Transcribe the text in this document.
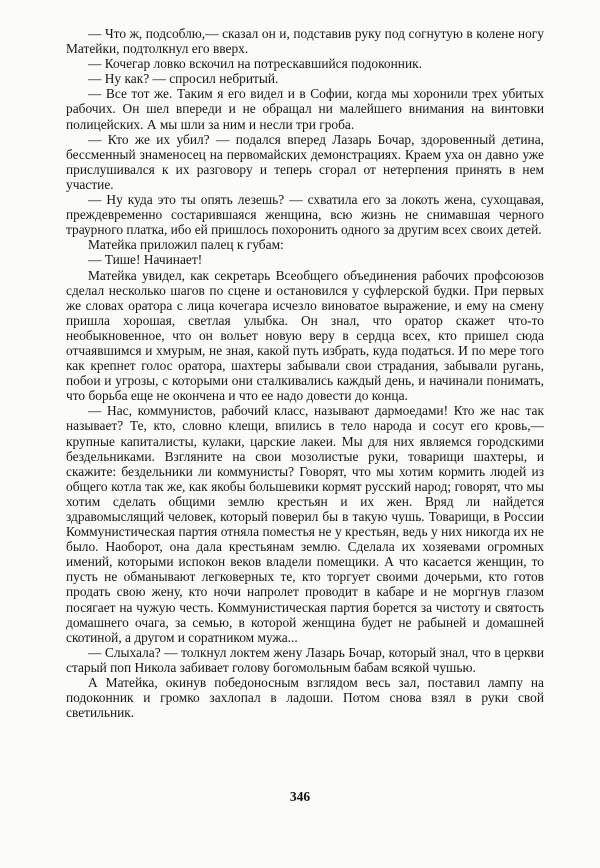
— Что ж, подсоблю,— сказал он и, подставив руку под согнутую в колене ногу Матейки, подтолкнул его вверх.

— Кочегар ловко вскочил на потрескавшийся подоконник.

— Ну как? — спросил небритый.

— Все тот же. Таким я его видел и в Софии, когда мы хоронили трех убитых рабочих. Он шел впереди и не обращал ни малейшего внимания на винтовки полицейских. А мы шли за ним и несли три гроба.

— Кто же их убил? — подался вперед Лазарь Бочар, здоровенный детина, бессменный знаменосец на первомайских демонстрациях. Краем уха он давно уже прислушивался к их разговору и теперь сгорал от нетерпения принять в нем участие.

— Ну куда это ты опять лезешь? — схватила его за локоть жена, сухощавая, преждевременно состарившаяся женщина, всю жизнь не снимавшая черного траурного платка, ибо ей пришлось похоронить одного за другим всех своих детей.

Матейка приложил палец к губам:

— Тише! Начинает!

Матейка увидел, как секретарь Всеобщего объединения рабочих профсоюзов сделал несколько шагов по сцене и остановился у суфлерской будки. При первых же словах оратора с лица кочегара исчезло виноватое выражение, и ему на смену пришла хорошая, светлая улыбка. Он знал, что оратор скажет что-то необыкновенное, что он вольет новую веру в сердца всех, кто пришел сюда отчаявшимся и хмурым, не зная, какой путь избрать, куда податься. И по мере того как крепнет голос оратора, шахтеры забывали свои страдания, забывали ругань, побои и угрозы, с которыми они сталкивались каждый день, и начинали понимать, что борьба еще не окончена и что ее надо довести до конца.

— Нас, коммунистов, рабочий класс, называют дармоедами! Кто же нас так называет? Те, кто, словно клещи, впились в тело народа и сосут его кровь,— крупные капиталисты, кулаки, царские лакеи. Мы для них являемся городскими бездельниками. Взгляните на свои мозолистые руки, товарищи шахтеры, и скажите: бездельники ли коммунисты? Говорят, что мы хотим кормить людей из общего котла так же, как якобы большевики кормят русский народ; говорят, что мы хотим сделать общими землю крестьян и их жен. Вряд ли найдется здравомыслящий человек, который поверил бы в такую чушь. Товарищи, в России Коммунистическая партия отняла поместья не у крестьян, ведь у них никогда их не было. Наоборот, она дала крестьянам землю. Сделала их хозяевами огромных имений, которыми испокон веков владели помещики. А что касается женщин, то пусть не обманывают легковерных те, кто торгует своими дочерьми, кто готов продать свою жену, кто ночи напролет проводит в кабаре и не моргнув глазом посягает на чужую честь. Коммунистическая партия борется за чистоту и святость домашнего очага, за семью, в которой женщина будет не рабыней и домашней скотиной, а другом и соратником мужа...

— Слыхала? — толкнул локтем жену Лазарь Бочар, который знал, что в церкви старый поп Никола забивает голову богомольным бабам всякой чушью.

А Матейка, окинув победоносным взглядом весь зал, поставил лампу на подоконник и громко захлопал в ладоши. Потом снова взял в руки свой светильник.

346
